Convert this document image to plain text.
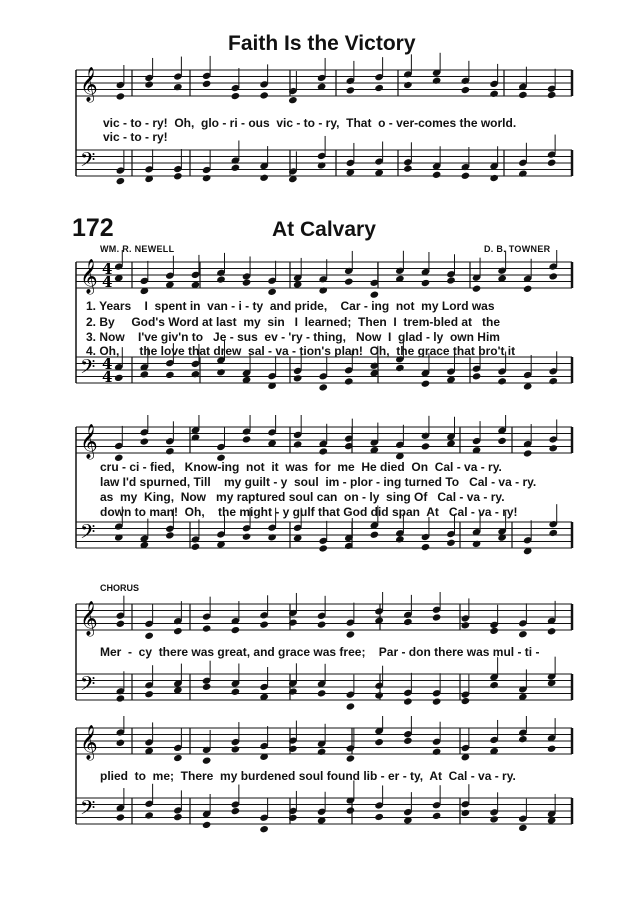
Faith Is the Victory
𝄞
𝄢
vic - to - ry!  Oh,  glo - ri - ous  vic - to - ry,  That  o - ver-comes the world.
vic - to - ry!
172	At Calvary
WM. R. NEWELL	D. B. TOWNER
𝄞
𝄢
4
4
4
4
1. Years    I  spent in  van - i - ty  and pride,    Car - ing  not  my Lord was
2. By     God's Word at last  my  sin   I  learned;  Then  I  trem-bled at   the
3. Now    I've giv'n to   Je - sus  ev - 'ry - thing,   Now  I  glad - ly  own Him
4. Oh,      the love that drew  sal - va - tion's plan!  Oh,  the grace that bro't it
𝄞
𝄢
cru - ci - fied,   Know-ing  not  it  was  for  me  He died  On  Cal - va - ry.
law I'd spurned, Till    my guilt - y  soul  im - plor - ing turned To   Cal - va - ry.
as  my  King,  Now   my raptured soul can  on - ly  sing Of   Cal - va - ry.
down to man!  Oh,    the might - y gulf that God did span  At   Cal - va - ry!
CHORUS
𝄞
𝄢
Mer  -  cy  there was great, and grace was free;    Par - don there was mul - ti -
𝄞
𝄢
plied  to  me;  There  my burdened soul found lib - er - ty,  At  Cal - va - ry.
